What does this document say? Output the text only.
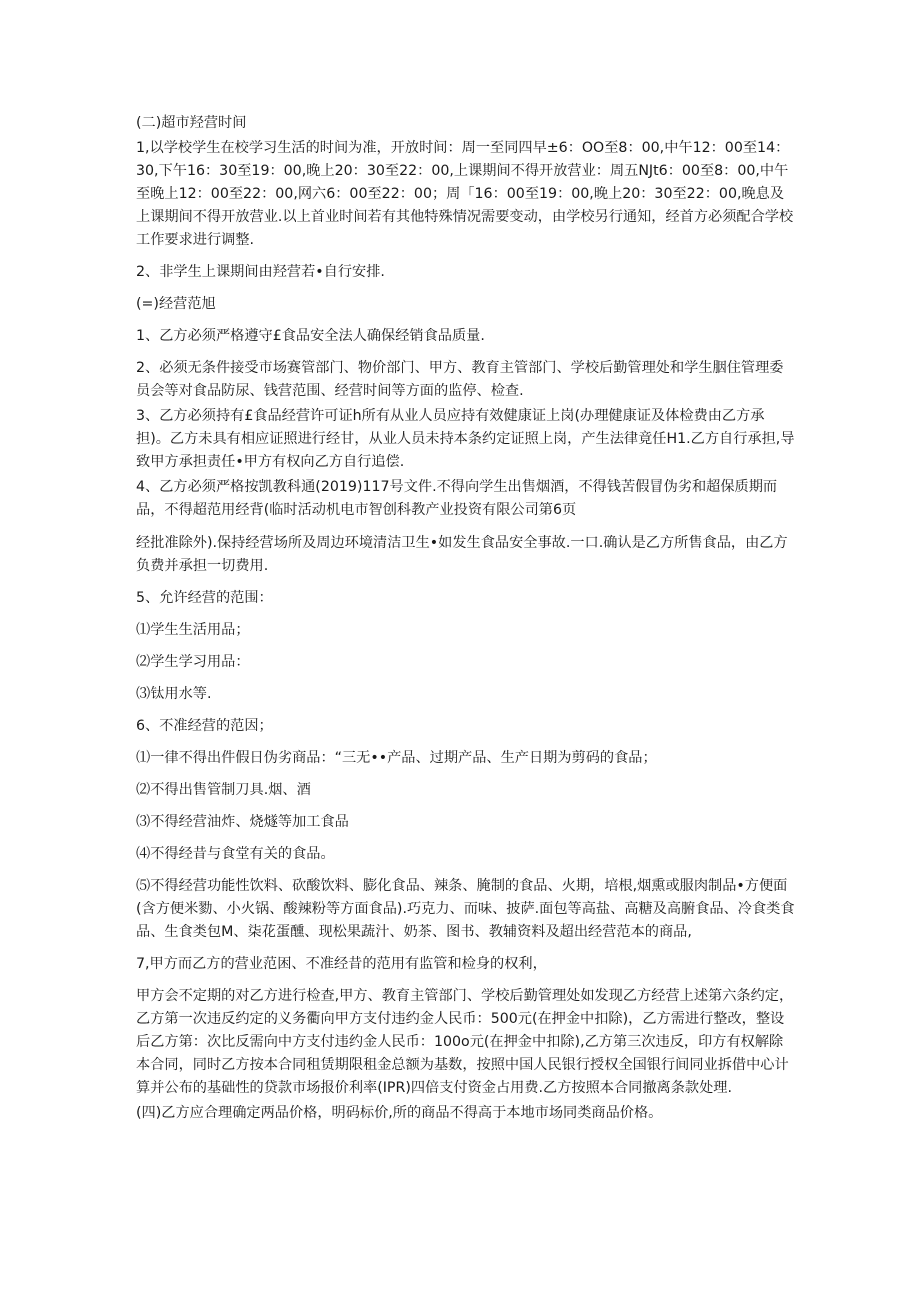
(二)超市羟营时间

1,以学校学生在校学习生活的时间为准，开放时间：周一至同四早±6：OO至8：00,中午12：00至14：30,下午16：30至19：00,晚上20：30至22：00,上课期间不得开放营业：周五NJt6：00至8：00,中午至晚上12：00至22：00,网六6：00至22：00；周「16：00至19：00,晚上20：30至22：00,晚息及上课期间不得开放营业.以上首业时间若有其他特殊情况需要变动，由学校另行通知，经首方必须配合学校工作要求进行调整.

2、非学生上课期间由羟营若•自行安排.

(=)经营范旭

1、乙方必须严格遵守£食品安全法人确保经销食品质量.

2、必须无条件接受市场赛管部门、物价部门、甲方、教育主管部门、学校后勤管理处和学生胭住管理委员会等对食品防尿、钱营范围、经营时间等方面的监停、检查.

3、乙方必须持有£食品经营许可证h所有从业人员应持有效健康证上岗(办理健康证及体检费由乙方承担)。乙方未具有相应证照进行经甘，从业人员未持本条约定证照上岗，产生法律竟任H1.乙方自行承担,导致甲方承担责任•甲方有权向乙方自行追偿.

4、乙方必须严格按凯教科通(2019)117号文件.不得向学生出售烟酒，不得钱苦假冒伪劣和超保质期而品，不得超范用经背(临时活动机电市智创科教产业投资有限公司第6页

经批准除外).保持经营场所及周边环境清洁卫生•如发生食品安全事故.一口.确认是乙方所售食品，由乙方负费并承担一切费用.

5、允许经营的范围：

⑴学生生活用品；

⑵学生学习用品：

⑶钛用水等.

6、不准经营的范因；

⑴一律不得出件假日伪劣商品：“三无••产品、过期产品、生产日期为剪码的食品；

⑵不得出售管制刀具.烟、酒

⑶不得经营油炸、烧燧等加工食品

⑷不得经昔与食堂有关的食品。

⑸不得经营功能性饮料、砍酸饮料、膨化食品、辣条、腌制的食品、火期，培根,烟熏或服肉制品•方便面(含方便米勠、小火锅、酸辣粉等方面食品).巧克力、而味、披萨.面包等高盐、高糖及高腑食品、冷食类食品、生食类包M、柒花蛋醺、现松果蔬汁、奶茶、图书、教辅资料及超出经营范本的商品,

7,甲方而乙方的营业范困、不准经昔的范用有监管和检身的权利，

甲方会不定期的对乙方进行检查,甲方、教育主管部门、学校后勤管理处如发现乙方经营上述第六条约定，乙方第一次违反约定的义务衢向甲方支付违约金人民币：500元(在押金中扣除)，乙方需进行整改，整设后乙方第：次比反需向中方支付违约金人民币：100o元(在押金中扣除),乙方第三次违反，印方有权解除本合同，同时乙方按本合同租赁期限租金总额为基数，按照中国人民银行授权全国银行间同业拆借中心计算并公布的基础性的贷款市场报价利率(IPR)四倍支付资金占用费.乙方按照本合同撤离条款处理.

(四)乙方应合理确定两品价格，明码标价,所的商品不得高于本地市场同类商品价格。
